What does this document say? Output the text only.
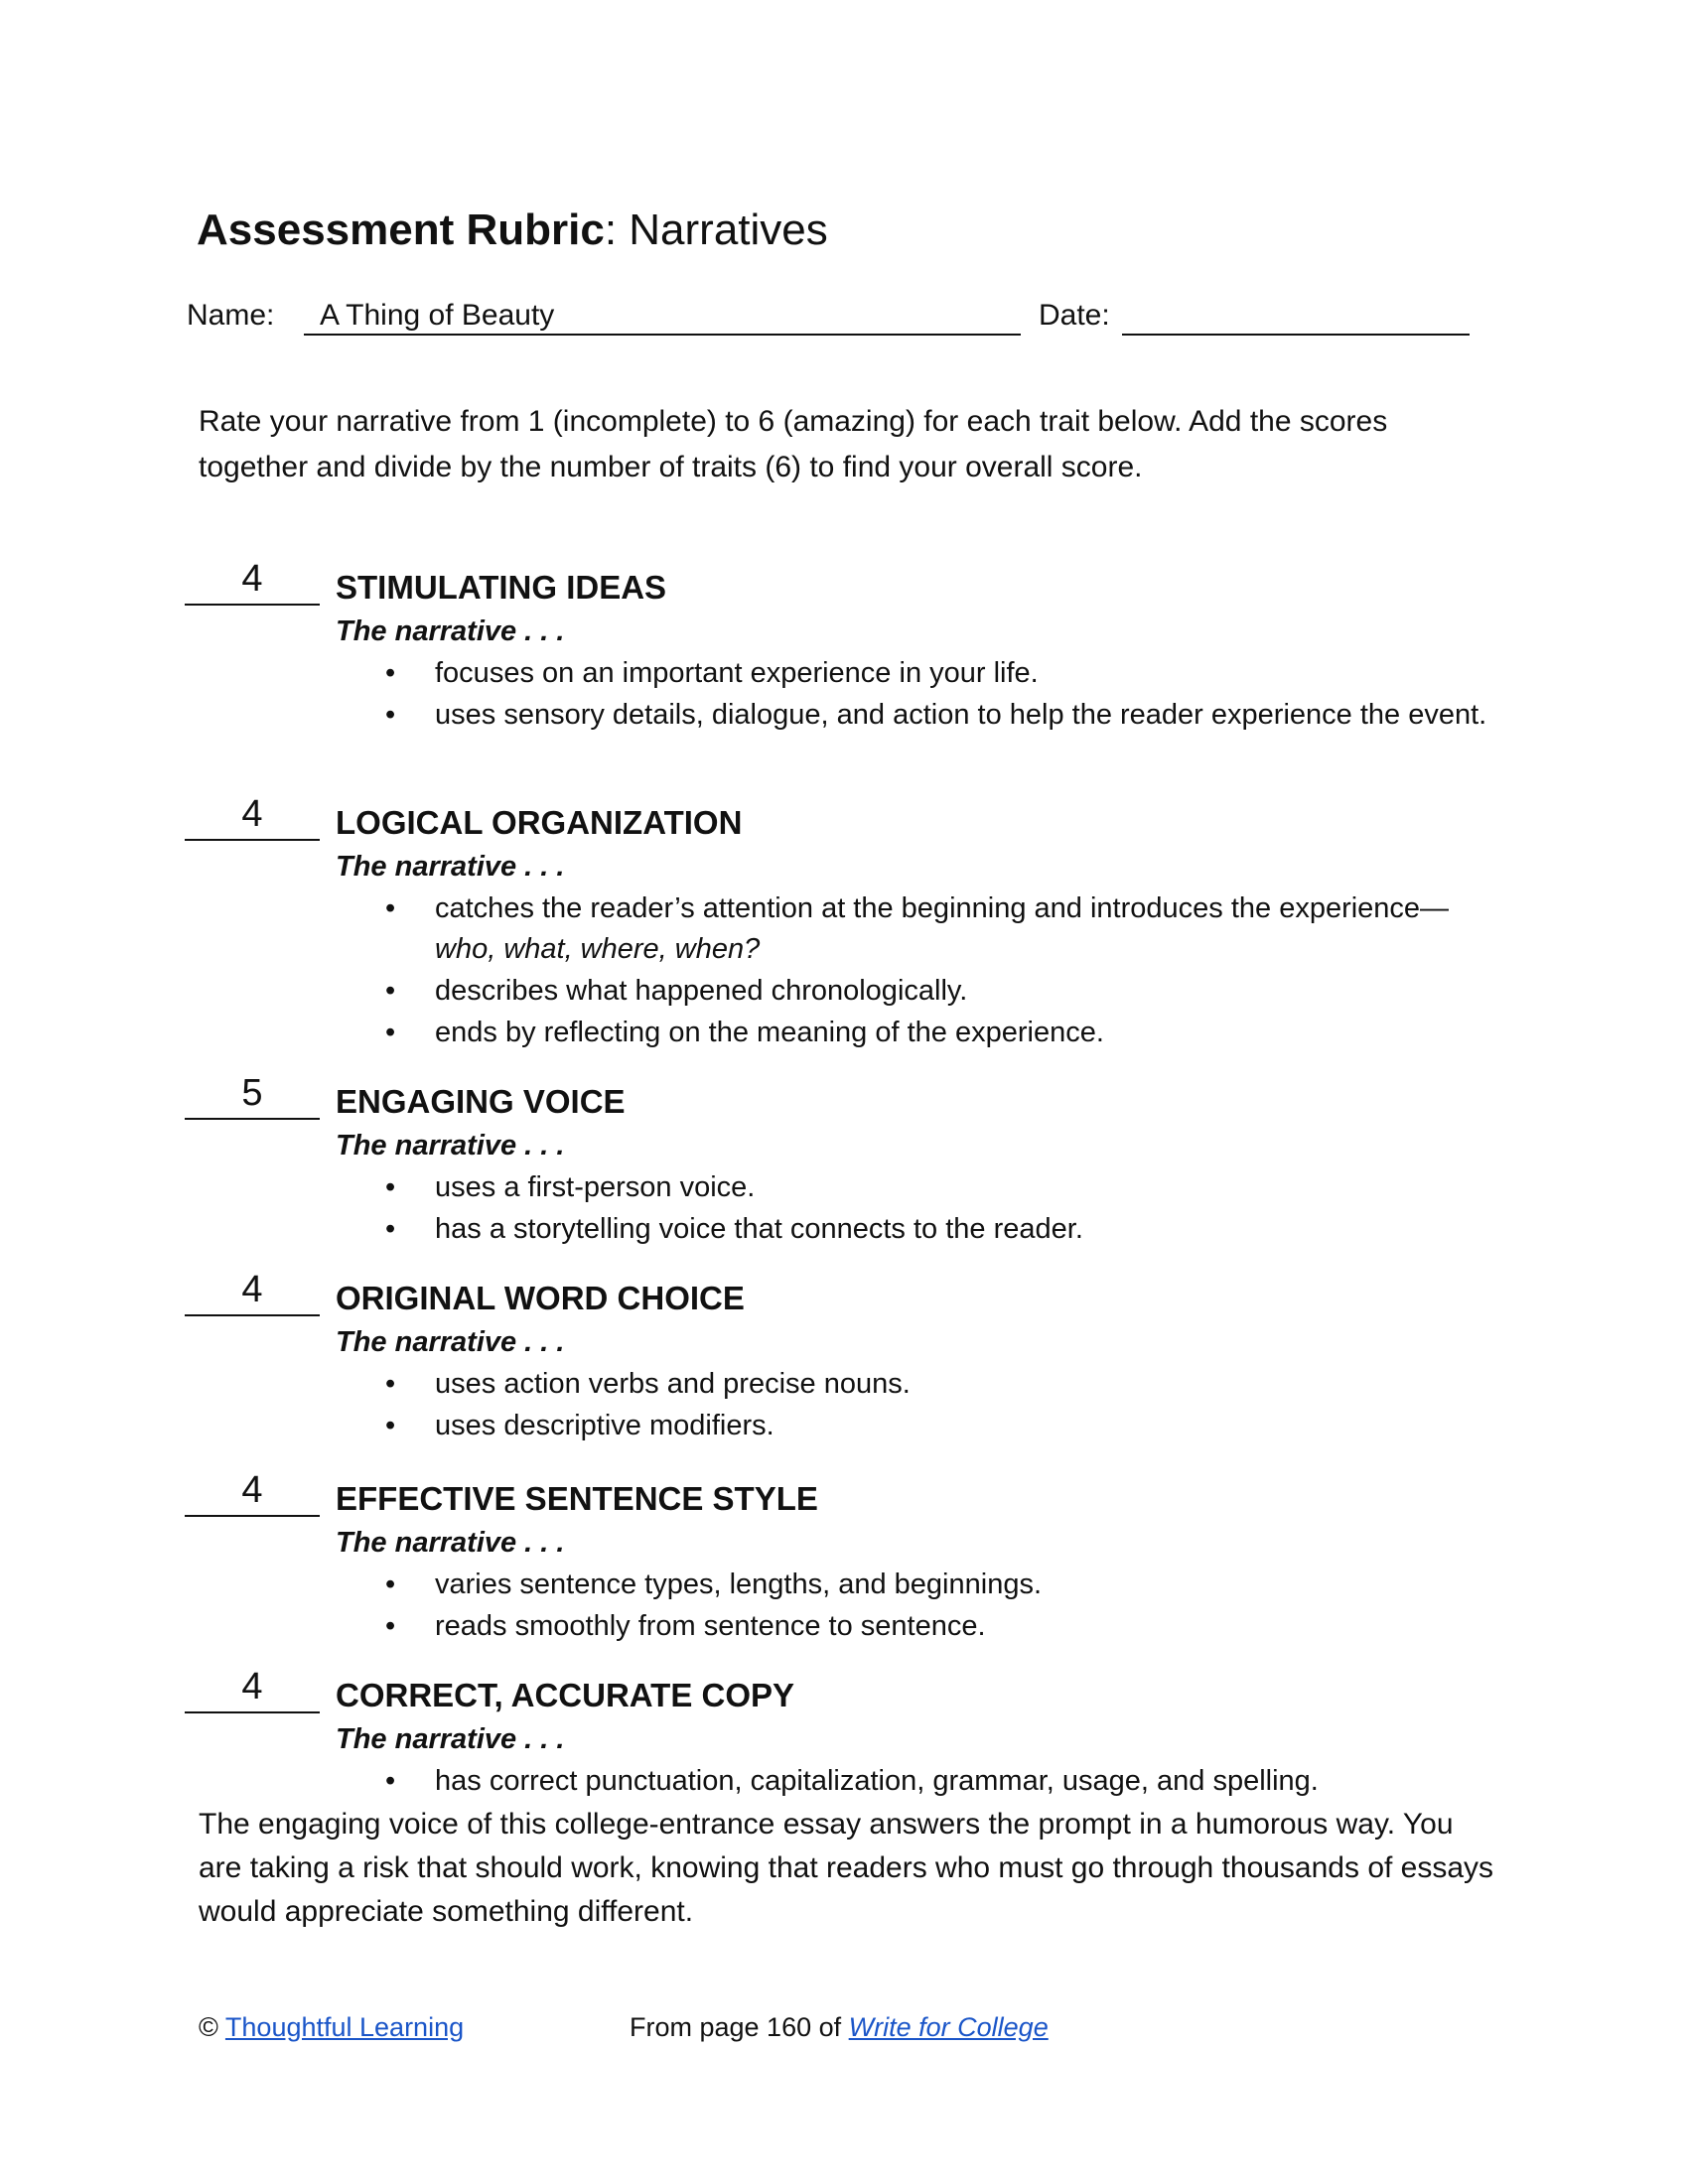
Assessment Rubric: Narratives
Name: A Thing of Beauty	Date:
Rate your narrative from 1 (incomplete) to 6 (amazing) for each trait below. Add the scores together and divide by the number of traits (6) to find your overall score.
4	STIMULATING IDEAS
The narrative . . .
•	focuses on an important experience in your life.
•	uses sensory details, dialogue, and action to help the reader experience the event.
4	LOGICAL ORGANIZATION
The narrative . . .
•	catches the reader’s attention at the beginning and introduces the experience—who, what, where, when?
•	describes what happened chronologically.
•	ends by reflecting on the meaning of the experience.
5	ENGAGING VOICE
The narrative . . .
•	uses a first-person voice.
•	has a storytelling voice that connects to the reader.
4	ORIGINAL WORD CHOICE
The narrative . . .
•	uses action verbs and precise nouns.
•	uses descriptive modifiers.
4	EFFECTIVE SENTENCE STYLE
The narrative . . .
•	varies sentence types, lengths, and beginnings.
•	reads smoothly from sentence to sentence.
4	CORRECT, ACCURATE COPY
The narrative . . .
•	has correct punctuation, capitalization, grammar, usage, and spelling.
The engaging voice of this college-entrance essay answers the prompt in a humorous way. You are taking a risk that should work, knowing that readers who must go through thousands of essays would appreciate something different.
© Thoughtful Learning	From page 160 of Write for College
